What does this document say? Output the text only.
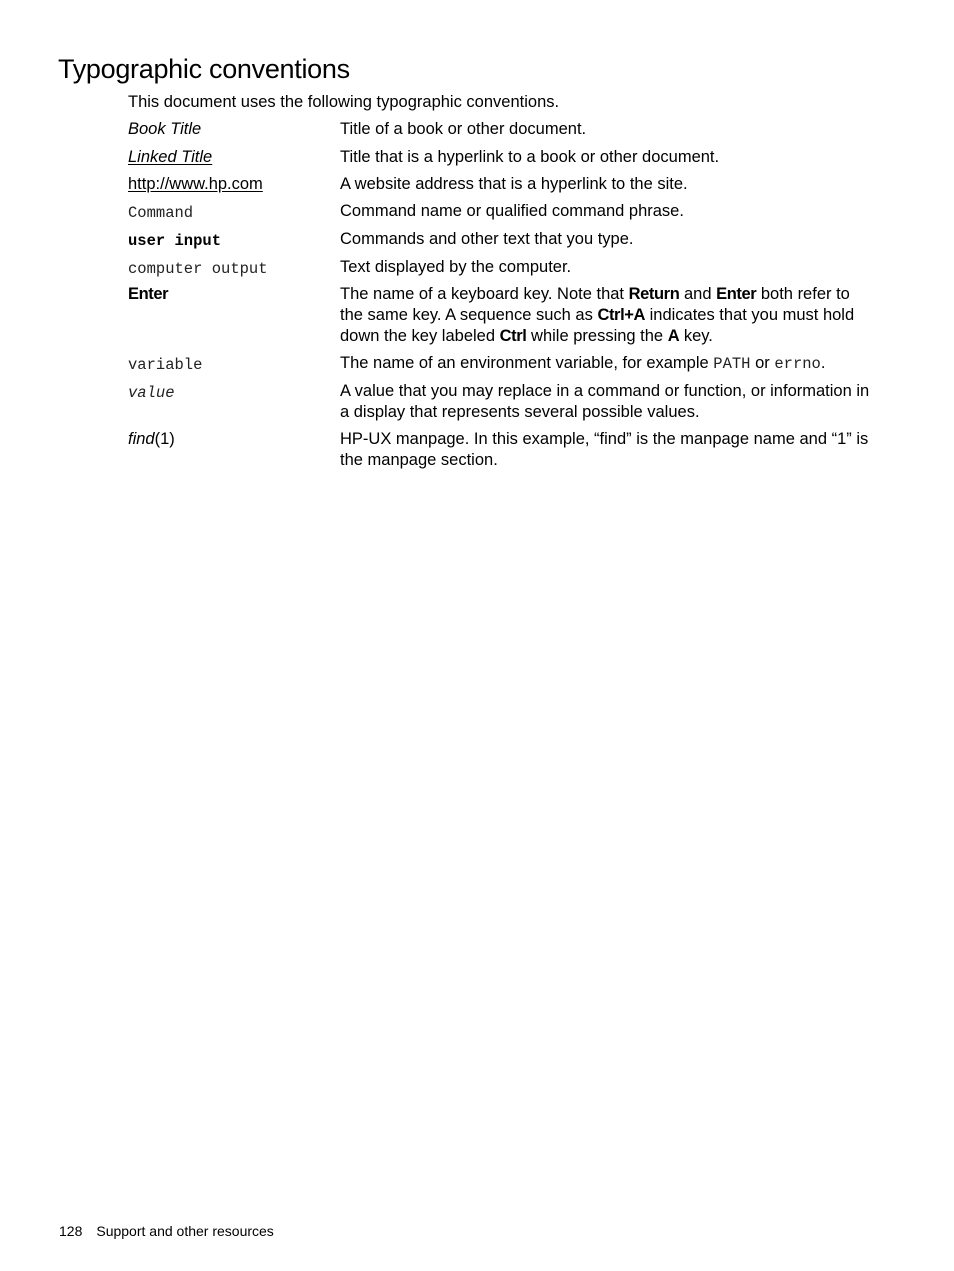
Typographic conventions

This document uses the following typographic conventions.

Book Title	Title of a book or other document.
Linked Title	Title that is a hyperlink to a book or other document.
http://www.hp.com	A website address that is a hyperlink to the site.
Command	Command name or qualified command phrase.
user input	Commands and other text that you type.
computer output	Text displayed by the computer.
Enter	The name of a keyboard key. Note that Return and Enter both refer to the same key. A sequence such as Ctrl+A indicates that you must hold down the key labeled Ctrl while pressing the A key.
variable	The name of an environment variable, for example PATH or errno.
value	A value that you may replace in a command or function, or information in a display that represents several possible values.
find(1)	HP-UX manpage. In this example, “find” is the manpage name and “1” is the manpage section.
128 Support and other resources
